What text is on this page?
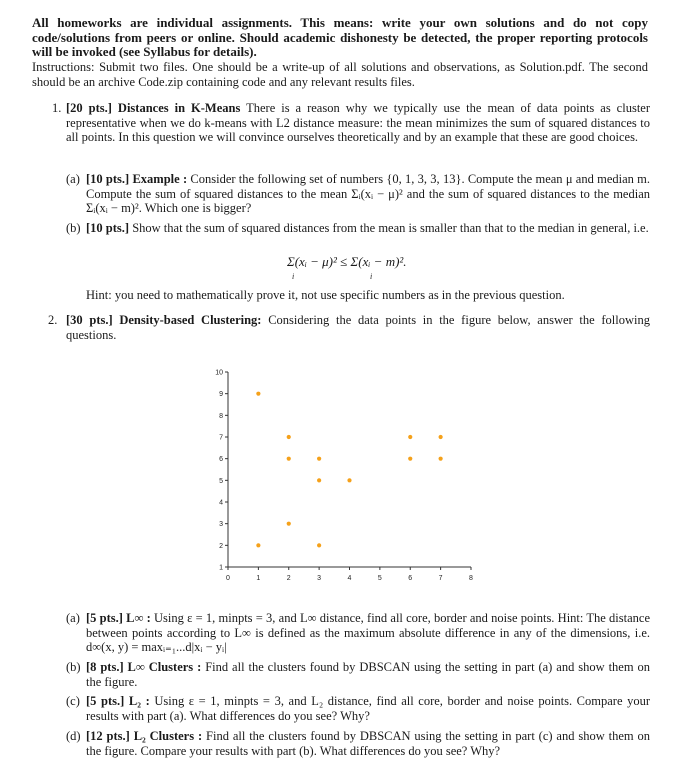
All homeworks are individual assignments. This means: write your own solutions and do not copy code/solutions from peers or online. Should academic dishonesty be detected, the proper reporting protocols will be invoked (see Syllabus for details).
Instructions: Submit two files. One should be a write-up of all solutions and observations, as Solution.pdf. The second should be an archive Code.zip containing code and any relevant results files.
1. [20 pts.] Distances in K-Means There is a reason why we typically use the mean of data points as cluster representative when we do k-means with L2 distance measure: the mean minimizes the sum of squared distances to all points. In this question we will convince ourselves theoretically and by an example that these are good choices.
(a) [10 pts.] Example : Consider the following set of numbers {0, 1, 3, 3, 13}. Compute the mean μ and median m. Compute the sum of squared distances to the mean Σᵢ(xᵢ − μ)² and the sum of squared distances to the median Σᵢ(xᵢ − m)². Which one is bigger?
(b) [10 pts.] Show that the sum of squared distances from the mean is smaller than that to the median in general, i.e.
Σ(xᵢ − μ)² ≤ Σ(xᵢ − m)².
i	i
Hint: you need to mathematically prove it, not use specific numbers as in the previous question.
2. [30 pts.] Density-based Clustering: Considering the data points in the figure below, answer the following questions.
0	1	2	3	4	5	6	7	8
1
2
3
4
5
6
7
8
9
10
(a) [5 pts.] L∞ : Using ε = 1, minpts = 3, and L∞ distance, find all core, border and noise points. Hint: The distance between points according to L∞ is defined as the maximum absolute difference in any of the dimensions, i.e. d∞(x, y) = maxᵢ₌₁...d|xᵢ − yᵢ|
(b) [8 pts.] L∞ Clusters : Find all the clusters found by DBSCAN using the setting in part (a) and show them on the figure.
(c) [5 pts.] L₂ : Using ε = 1, minpts = 3, and L₂ distance, find all core, border and noise points. Compare your results with part (a). What differences do you see? Why?
(d) [12 pts.] L₂ Clusters : Find all the clusters found by DBSCAN using the setting in part (c) and show them on the figure. Compare your results with part (b). What differences do you see? Why?
